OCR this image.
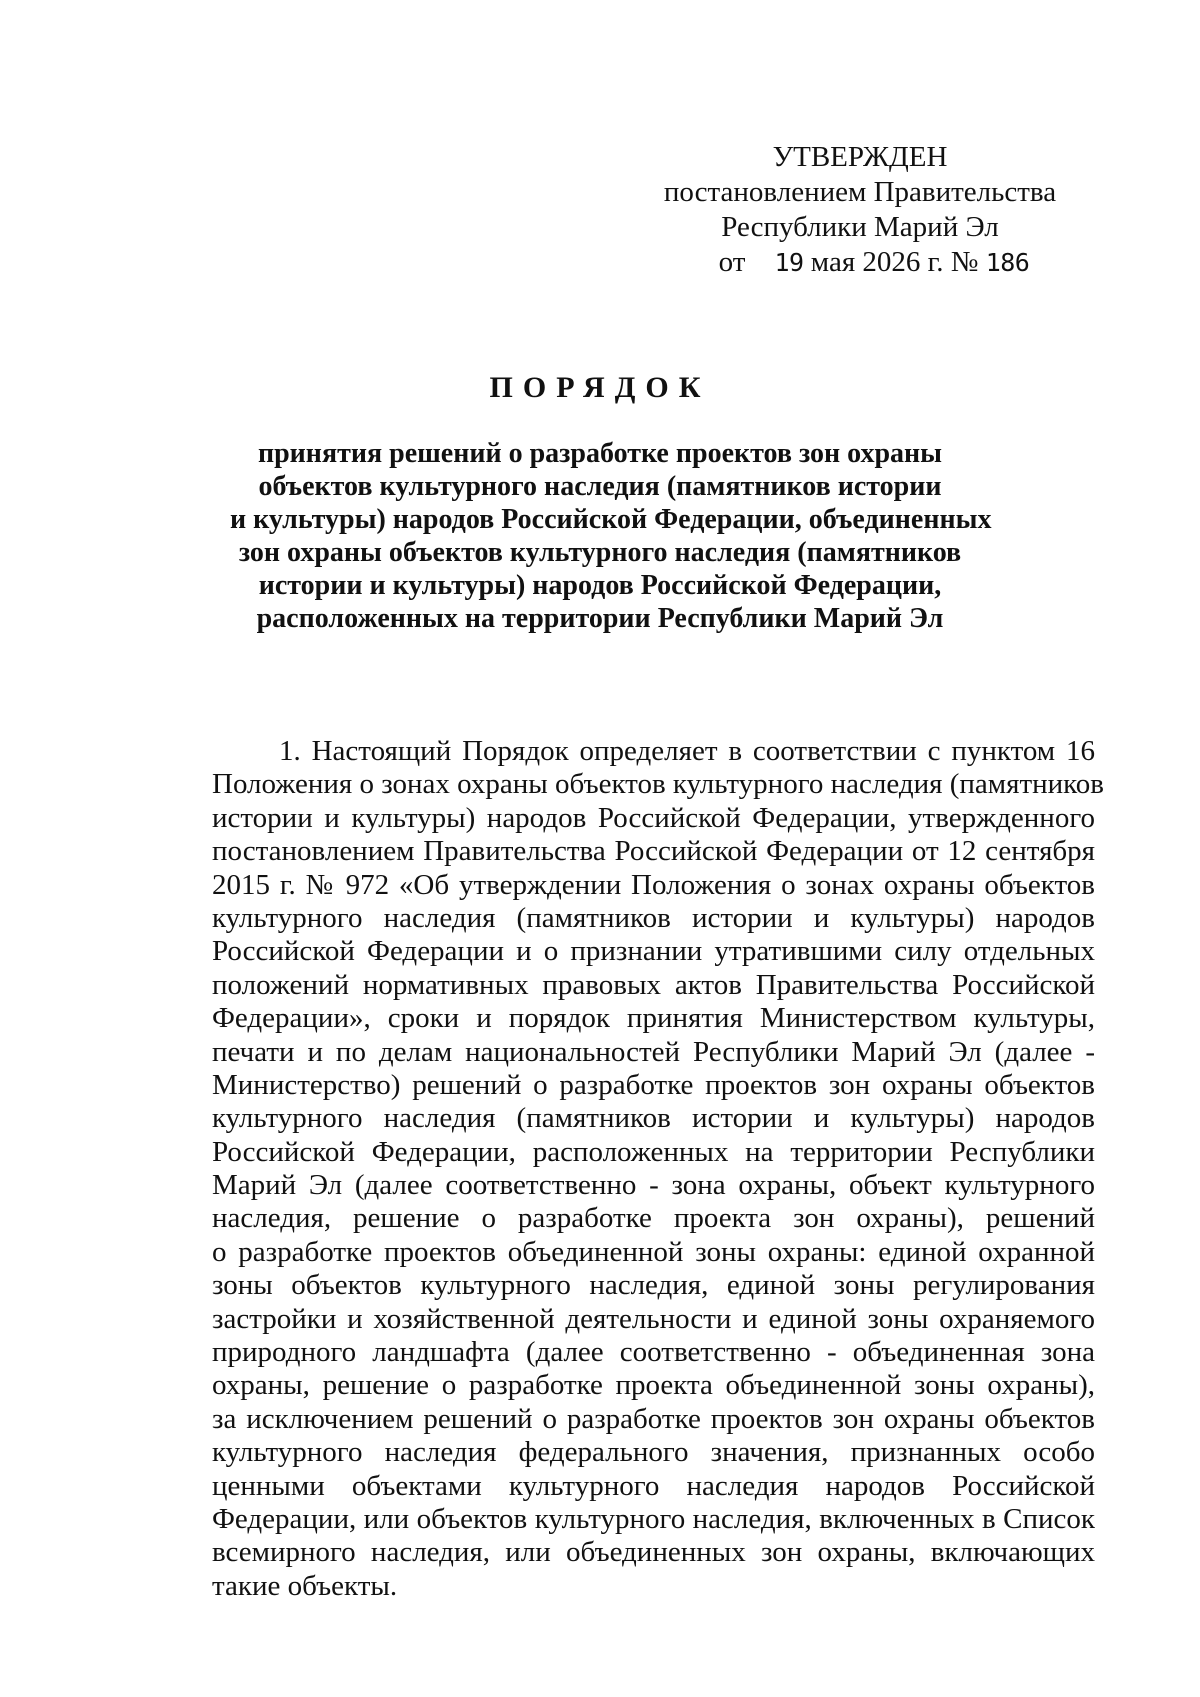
УТВЕРЖДЕН
постановлением Правительства
Республики Марий Эл
от 19 мая 2026 г. № 186
ПОРЯДОК
принятия решений о разработке проектов зон охраны
объектов культурного наследия (памятников истории
и культуры) народов Российской Федерации, объединенных
зон охраны объектов культурного наследия (памятников
истории и культуры) народов Российской Федерации,
расположенных на территории Республики Марий Эл
1. Настоящий Порядок определяет в соответствии с пунктом 16
Положения о зонах охраны объектов культурного наследия (памятников
истории и культуры) народов Российской Федерации, утвержденного
постановлением Правительства Российской Федерации от 12 сентября
2015 г. № 972 «Об утверждении Положения о зонах охраны объектов
культурного наследия (памятников истории и культуры) народов
Российской Федерации и о признании утратившими силу отдельных
положений нормативных правовых актов Правительства Российской
Федерации», сроки и порядок принятия Министерством культуры,
печати и по делам национальностей Республики Марий Эл (далее -
Министерство) решений о разработке проектов зон охраны объектов
культурного наследия (памятников истории и культуры) народов
Российской Федерации, расположенных на территории Республики
Марий Эл (далее соответственно - зона охраны, объект культурного
наследия, решение о разработке проекта зон охраны), решений
о разработке проектов объединенной зоны охраны: единой охранной
зоны объектов культурного наследия, единой зоны регулирования
застройки и хозяйственной деятельности и единой зоны охраняемого
природного ландшафта (далее соответственно - объединенная зона
охраны, решение о разработке проекта объединенной зоны охраны),
за исключением решений о разработке проектов зон охраны объектов
культурного наследия федерального значения, признанных особо
ценными объектами культурного наследия народов Российской
Федерации, или объектов культурного наследия, включенных в Список
всемирного наследия, или объединенных зон охраны, включающих
такие объекты.
